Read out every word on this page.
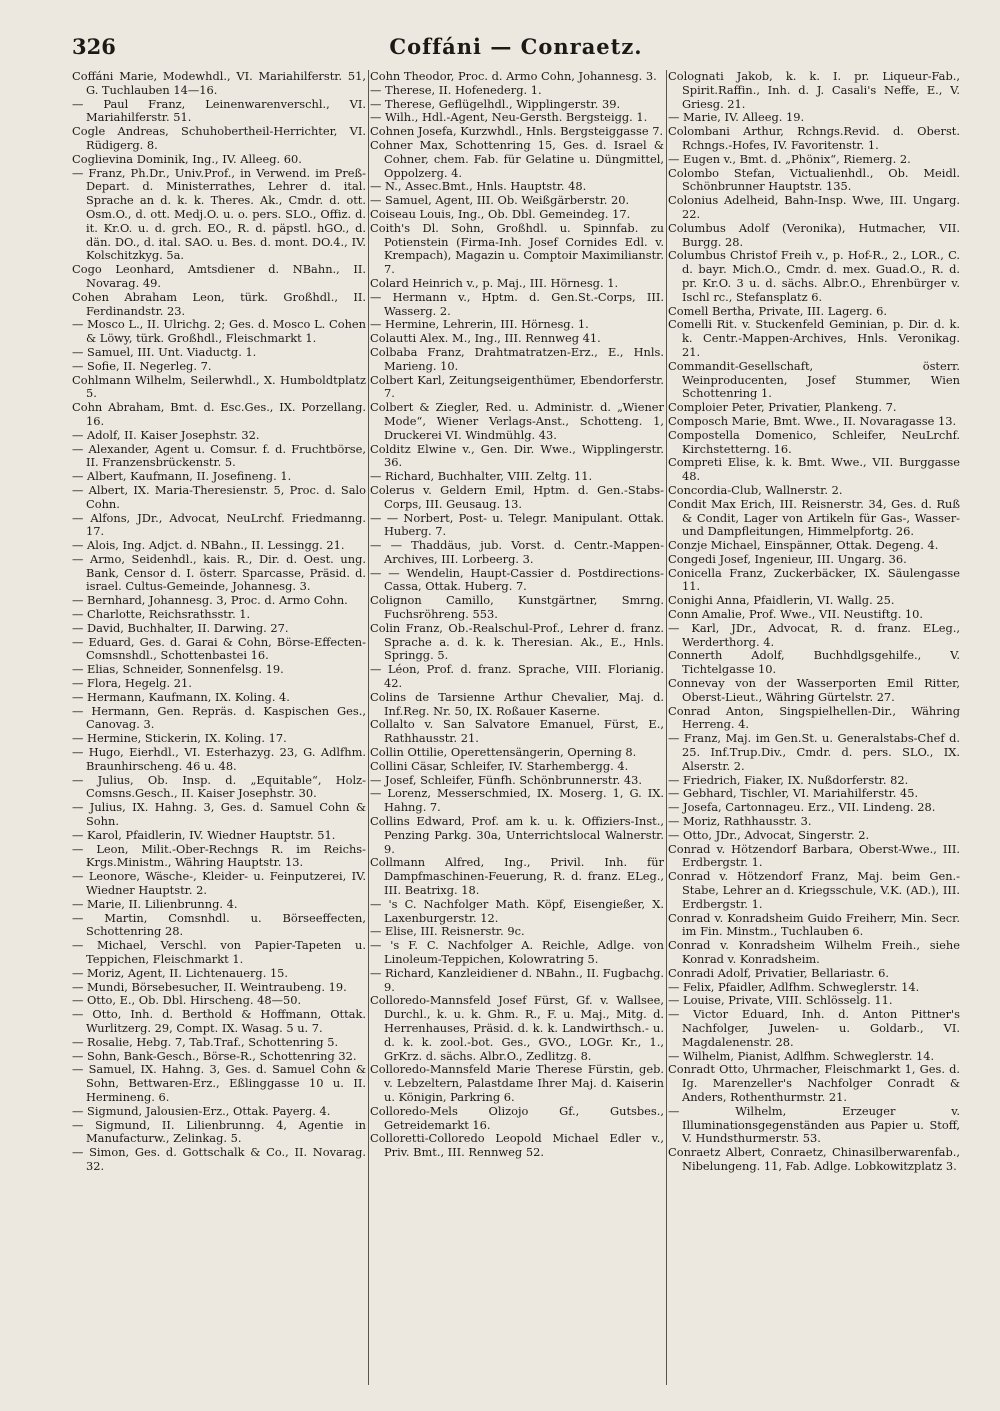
326	Coffáni — Conraetz.

Coffáni Marie, Modewhdl., VI. Mariahilferstr. 51, G. Tuchlauben 14—16.

— Paul Franz, Leinenwarenverschl., VI. Mariahilferstr. 51.

Cogle Andreas, Schuhobertheil-Herrichter, VI. Rüdigerg. 8.

Coglievina Dominik, Ing., IV. Alleeg. 60.

— Franz, Ph.Dr., Univ.Prof., in Verwend. im Preß-Depart. d. Ministerrathes, Lehrer d. ital. Sprache an d. k. k. Theres. Ak., Cmdr. d. ott. Osm.O., d. ott. Medj.O. u. o. pers. SLO., Offiz. d. it. Kr.O. u. d. grch. EO., R. d. päpstl. hGO., d. dän. DO., d. ital. SAO. u. Bes. d. mont. DO.4., IV. Kolschitzkyg. 5a.

Cogo Leonhard, Amtsdiener d. NBahn., II. Novarag. 49.

Cohen Abraham Leon, türk. Großhdl., II. Ferdinandstr. 23.

— Mosco L., II. Ulrichg. 2; Ges. d. Mosco L. Cohen & Löwy, türk. Großhdl., Fleischmarkt 1.

— Samuel, III. Unt. Viaductg. 1.

— Sofie, II. Negerleg. 7.

Cohlmann Wilhelm, Seilerwhdl., X. Humboldtplatz 5.

Cohn Abraham, Bmt. d. Esc.Ges., IX. Porzellang. 16.

— Adolf, II. Kaiser Josephstr. 32.

— Alexander, Agent u. Comsur. f. d. Fruchtbörse, II. Franzensbrückenstr. 5.

— Albert, Kaufmann, II. Josefineng. 1.

— Albert, IX. Maria-Theresienstr. 5, Proc. d. Salo Cohn.

— Alfons, JDr., Advocat, NeuLrchf. Friedmanng. 17.

— Alois, Ing. Adjct. d. NBahn., II. Lessingg. 21.

— Armo, Seidenhdl., kais. R., Dir. d. Oest. ung. Bank, Censor d. I. österr. Sparcasse, Präsid. d. israel. Cultus-Gemeinde, Johannesg. 3.

— Bernhard, Johannesg. 3, Proc. d. Armo Cohn.

— Charlotte, Reichsrathsstr. 1.

— David, Buchhalter, II. Darwing. 27.

— Eduard, Ges. d. Garai & Cohn, Börse-Effecten-Comsnshdl., Schottenbastei 16.

— Elias, Schneider, Sonnenfelsg. 19.

— Flora, Hegelg. 21.

— Hermann, Kaufmann, IX. Koling. 4.

— Hermann, Gen. Repräs. d. Kaspischen Ges., Canovag. 3.

— Hermine, Stickerin, IX. Koling. 17.

— Hugo, Eierhdl., VI. Esterhazyg. 23, G. Adlfhm. Braunhirscheng. 46 u. 48.

— Julius, Ob. Insp. d. „Equitable“, Holz-Comsns.Gesch., II. Kaiser Josephstr. 30.

— Julius, IX. Hahng. 3, Ges. d. Samuel Cohn & Sohn.

— Karol, Pfaidlerin, IV. Wiedner Hauptstr. 51.

— Leon, Milit.-Ober-Rechngs R. im Reichs-Krgs.Ministm., Währing Hauptstr. 13.

— Leonore, Wäsche-, Kleider- u. Feinputzerei, IV. Wiedner Hauptstr. 2.

— Marie, II. Lilienbrunng. 4.

— Martin, Comsnhdl. u. Börseeffecten, Schottenring 28.

— Michael, Verschl. von Papier-Tapeten u. Teppichen, Fleischmarkt 1.

— Moriz, Agent, II. Lichtenauerg. 15.

— Mundi, Börsebesucher, II. Weintraubeng. 19.

— Otto, E., Ob. Dbl. Hirscheng. 48—50.

— Otto, Inh. d. Berthold & Hoffmann, Ottak. Wurlitzerg. 29, Compt. IX. Wasag. 5 u. 7.

— Rosalie, Hebg. 7, Tab.Traf., Schottenring 5.

— Sohn, Bank-Gesch., Börse-R., Schottenring 32.

— Samuel, IX. Hahng. 3, Ges. d. Samuel Cohn & Sohn, Bettwaren-Erz., Eßlinggasse 10 u. II. Hermineng. 6.

— Sigmund, Jalousien-Erz., Ottak. Payerg. 4.

— Sigmund, II. Lilienbrunng. 4, Agentie in Manufacturw., Zelinkag. 5.

— Simon, Ges. d. Gottschalk & Co., II. Novarag. 32.

Cohn Theodor, Proc. d. Armo Cohn, Johannesg. 3.

— Therese, II. Hofenederg. 1.

— Therese, Geflügelhdl., Wipplingerstr. 39.

— Wilh., Hdl.-Agent, Neu-Gersth. Bergsteigg. 1.

Cohnen Josefa, Kurzwhdl., Hnls. Bergsteiggasse 7.

Cohner Max, Schottenring 15, Ges. d. Israel & Cohner, chem. Fab. für Gelatine u. Düngmittel, Oppolzerg. 4.

— N., Assec.Bmt., Hnls. Hauptstr. 48.

— Samuel, Agent, III. Ob. Weißgärberstr. 20.

Coiseau Louis, Ing., Ob. Dbl. Gemeindeg. 17.

Coith's Dl. Sohn, Großhdl. u. Spinnfab. zu Potienstein (Firma-Inh. Josef Cornides Edl. v. Krempach), Magazin u. Comptoir Maximilianstr. 7.

Colard Heinrich v., p. Maj., III. Hörnesg. 1.

— Hermann v., Hptm. d. Gen.St.-Corps, III. Wasserg. 2.

— Hermine, Lehrerin, III. Hörnesg. 1.

Colautti Alex. M., Ing., III. Rennweg 41.

Colbaba Franz, Drahtmatratzen-Erz., E., Hnls. Marieng. 10.

Colbert Karl, Zeitungseigenthümer, Ebendorferstr. 7.

Colbert & Ziegler, Red. u. Administr. d. „Wiener Mode“, Wiener Verlags-Anst., Schotteng. 1, Druckerei VI. Windmühlg. 43.

Colditz Elwine v., Gen. Dir. Wwe., Wipplingerstr. 36.

— Richard, Buchhalter, VIII. Zeltg. 11.

Colerus v. Geldern Emil, Hptm. d. Gen.-Stabs-Corps, III. Geusaug. 13.

— — Norbert, Post- u. Telegr. Manipulant. Ottak. Huberg. 7.

— — Thaddäus, jub. Vorst. d. Centr.-Mappen-Archives, III. Lorbeerg. 3.

— — Wendelin, Haupt-Cassier d. Postdirections-Cassa, Ottak. Huberg. 7.

Colignon Camillo, Kunstgärtner, Smrng. Fuchsröhreng. 553.

Colin Franz, Ob.-Realschul-Prof., Lehrer d. franz. Sprache a. d. k. k. Theresian. Ak., E., Hnls. Springg. 5.

— Léon, Prof. d. franz. Sprache, VIII. Florianig. 42.

Colins de Tarsienne Arthur Chevalier, Maj. d. Inf.Reg. Nr. 50, IX. Roßauer Kaserne.

Collalto v. San Salvatore Emanuel, Fürst, E., Rathhausstr. 21.

Collin Ottilie, Operettensängerin, Operning 8.

Collini Cäsar, Schleifer, IV. Starhembergg. 4.

— Josef, Schleifer, Fünfh. Schönbrunnerstr. 43.

— Lorenz, Messerschmied, IX. Moserg. 1, G. IX. Hahng. 7.

Collins Edward, Prof. am k. u. k. Offiziers-Inst., Penzing Parkg. 30a, Unterrichtslocal Walnerstr. 9.

Collmann Alfred, Ing., Privil. Inh. für Dampfmaschinen-Feuerung, R. d. franz. ELeg., III. Beatrixg. 18.

— 's C. Nachfolger Math. Köpf, Eisengießer, X. Laxenburgerstr. 12.

— Elise, III. Reisnerstr. 9c.

— 's F. C. Nachfolger A. Reichle, Adlge. von Linoleum-Teppichen, Kolowratring 5.

— Richard, Kanzleidiener d. NBahn., II. Fugbachg. 9.

Colloredo-Mannsfeld Josef Fürst, Gf. v. Wallsee, Durchl., k. u. k. Ghm. R., F. u. Maj., Mitg. d. Herrenhauses, Präsid. d. k. k. Landwirthsch.- u. d. k. k. zool.-bot. Ges., GVO., LOGr. Kr., 1., GrKrz. d. sächs. Albr.O., Zedlitzg. 8.

Colloredo-Mannsfeld Marie Therese Fürstin, geb. v. Lebzeltern, Palastdame Ihrer Maj. d. Kaiserin u. Königin, Parkring 6.

Colloredo-Mels Olizojo Gf., Gutsbes., Getreidemarkt 16.

Colloretti-Colloredo Leopold Michael Edler v., Priv. Bmt., III. Rennweg 52.

Colognati Jakob, k. k. I. pr. Liqueur-Fab., Spirit.Raffin., Inh. d. J. Casali's Neffe, E., V. Griesg. 21.

— Marie, IV. Alleeg. 19.

Colombani Arthur, Rchngs.Revid. d. Oberst. Rchngs.-Hofes, IV. Favoritenstr. 1.

— Eugen v., Bmt. d. „Phönix“, Riemerg. 2.

Colombo Stefan, Victualienhdl., Ob. Meidl. Schönbrunner Hauptstr. 135.

Colonius Adelheid, Bahn-Insp. Wwe, III. Ungarg. 22.

Columbus Adolf (Veronika), Hutmacher, VII. Burgg. 28.

Columbus Christof Freih v., p. Hof-R., 2., LOR., C. d. bayr. Mich.O., Cmdr. d. mex. Guad.O., R. d. pr. Kr.O. 3 u. d. sächs. Albr.O., Ehrenbürger v. Ischl rc., Stefansplatz 6.

Comell Bertha, Private, III. Lagerg. 6.

Comelli Rit. v. Stuckenfeld Geminian, p. Dir. d. k. k. Centr.-Mappen-Archives, Hnls. Veronikag. 21.

Commandit-Gesellschaft, österr. Weinproducenten, Josef Stummer, Wien Schottenring 1.

Comploier Peter, Privatier, Plankeng. 7.

Composch Marie, Bmt. Wwe., II. Novaragasse 13.

Compostella Domenico, Schleifer, NeuLrchf. Kirchstetterng. 16.

Compreti Elise, k. k. Bmt. Wwe., VII. Burggasse 48.

Concordia-Club, Wallnerstr. 2.

Condit Max Erich, III. Reisnerstr. 34, Ges. d. Ruß & Condit, Lager von Artikeln für Gas-, Wasser- und Dampfleitungen, Himmelpfortg. 26.

Conzje Michael, Einspänner, Ottak. Degeng. 4.

Congedi Josef, Ingenieur, III. Ungarg. 36.

Conicella Franz, Zuckerbäcker, IX. Säulengasse 11.

Conighi Anna, Pfaidlerin, VI. Wallg. 25.

Conn Amalie, Prof. Wwe., VII. Neustiftg. 10.

— Karl, JDr., Advocat, R. d. franz. ELeg., Werderthorg. 4.

Connerth Adolf, Buchhdlgsgehilfe., V. Tichtelgasse 10.

Connevay von der Wasserporten Emil Ritter, Oberst-Lieut., Währing Gürtelstr. 27.

Conrad Anton, Singspielhellen-Dir., Währing Herreng. 4.

— Franz, Maj. im Gen.St. u. Generalstabs-Chef d. 25. Inf.Trup.Div., Cmdr. d. pers. SLO., IX. Alserstr. 2.

— Friedrich, Fiaker, IX. Nußdorferstr. 82.

— Gebhard, Tischler, VI. Mariahilferstr. 45.

— Josefa, Cartonnageu. Erz., VII. Lindeng. 28.

— Moriz, Rathhausstr. 3.

— Otto, JDr., Advocat, Singerstr. 2.

Conrad v. Hötzendorf Barbara, Oberst-Wwe., III. Erdbergstr. 1.

Conrad v. Hötzendorf Franz, Maj. beim Gen.-Stabe, Lehrer an d. Kriegsschule, V.K. (AD.), III. Erdbergstr. 1.

Conrad v. Konradsheim Guido Freiherr, Min. Secr. im Fin. Minstm., Tuchlauben 6.

Conrad v. Konradsheim Wilhelm Freih., siehe Konrad v. Konradsheim.

Conradi Adolf, Privatier, Bellariastr. 6.

— Felix, Pfaidler, Adlfhm. Schweglerstr. 14.

— Louise, Private, VIII. Schlösselg. 11.

— Victor Eduard, Inh. d. Anton Pittner's Nachfolger, Juwelen- u. Goldarb., VI. Magdalenenstr. 28.

— Wilhelm, Pianist, Adlfhm. Schweglerstr. 14.

Conradt Otto, Uhrmacher, Fleischmarkt 1, Ges. d. Ig. Marenzeller's Nachfolger Conradt & Anders, Rothenthurmstr. 21.

— Wilhelm, Erzeuger v. Illuminationsgegenständen aus Papier u. Stoff, V. Hundsthurmerstr. 53.

Conraetz Albert, Conraetz, Chinasilberwarenfab., Nibelungeng. 11, Fab. Adlge. Lobkowitzplatz 3.
